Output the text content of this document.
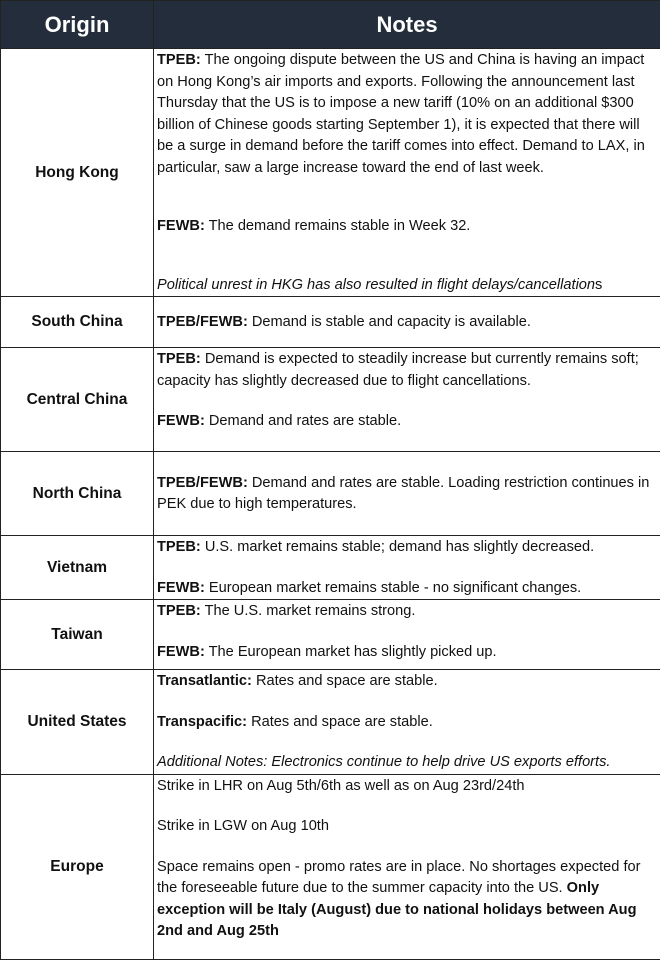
Origin	Notes
Hong Kong	TPEB: The ongoing dispute between the US and China is having an impact on Hong Kong’s air imports and exports. Following the announcement last Thursday that the US is to impose a new tariff (10% on an additional $300 billion of Chinese goods starting September 1), it is expected that there will be a surge in demand before the tariff comes into effect. Demand to LAX, in particular, saw a large increase toward the end of last week.

FEWB: The demand remains stable in Week 32.

Political unrest in HKG has also resulted in flight delays/cancellations

South China	TPEB/FEWB: Demand is stable and capacity is available.

Central China	TPEB: Demand is expected to steadily increase but currently remains soft; capacity has slightly decreased due to flight cancellations.

FEWB: Demand and rates are stable.

North China	TPEB/FEWB: Demand and rates are stable. Loading restriction continues in PEK due to high temperatures.

Vietnam	TPEB: U.S. market remains stable; demand has slightly decreased.

FEWB: European market remains stable - no significant changes.

Taiwan	TPEB: The U.S. market remains strong.

FEWB: The European market has slightly picked up.

United States	Transatlantic: Rates and space are stable.

Transpacific: Rates and space are stable.

Additional Notes: Electronics continue to help drive US exports efforts.

Europe	Strike in LHR on Aug 5th/6th as well as on Aug 23rd/24th

Strike in LGW on Aug 10th

Space remains open - promo rates are in place. No shortages expected for the foreseeable future due to the summer capacity into the US. Only exception will be Italy (August) due to national holidays between Aug 2nd and Aug 25th
